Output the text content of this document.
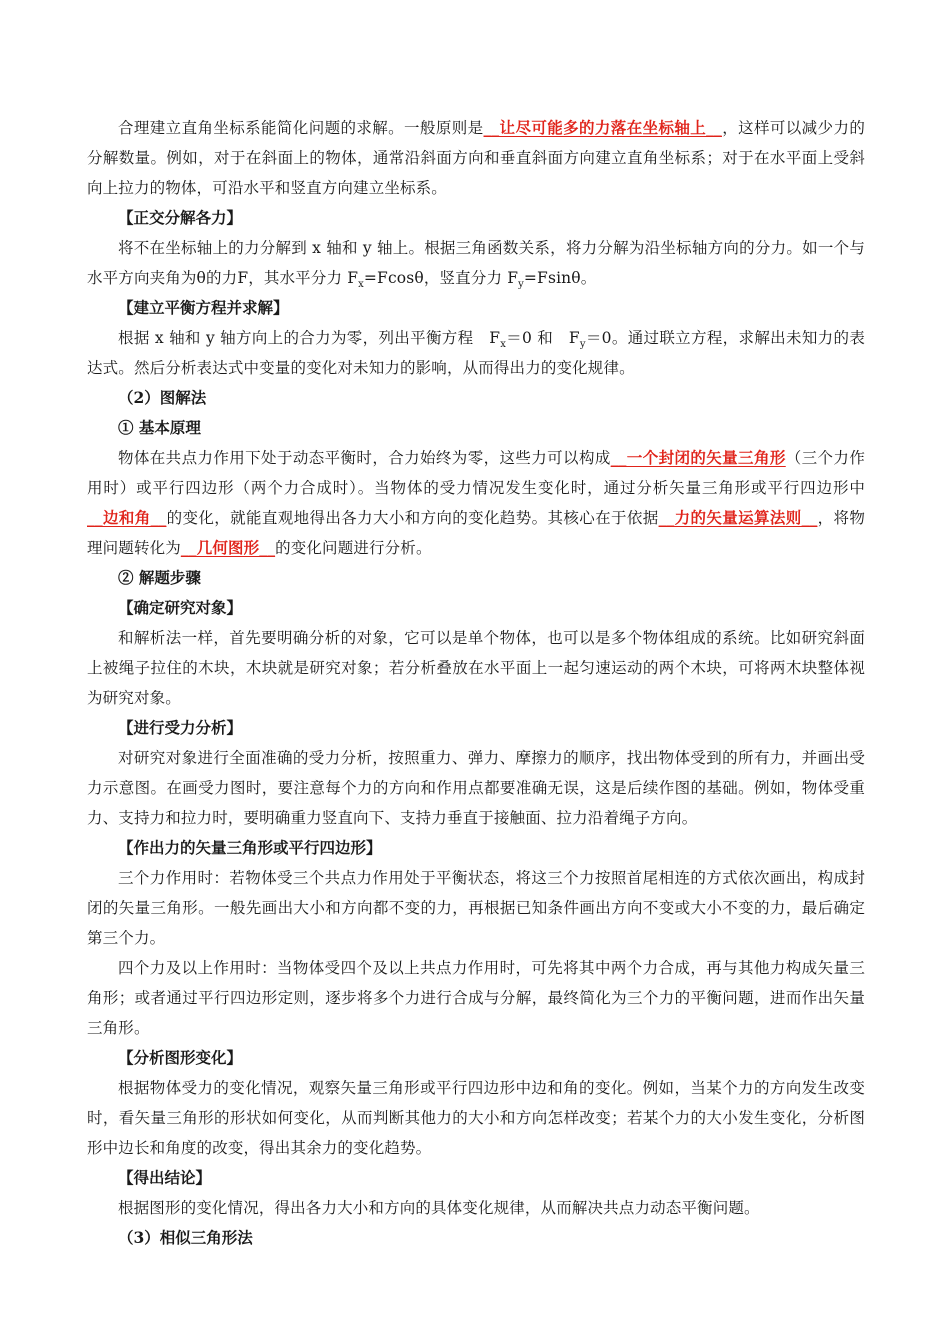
合理建立直角坐标系能简化问题的求解。一般原则是__让尽可能多的力落在坐标轴上__，这样可以减少力的分解数量。例如，对于在斜面上的物体，通常沿斜面方向和垂直斜面方向建立直角坐标系；对于在水平面上受斜向上拉力的物体，可沿水平和竖直方向建立坐标系。

【正交分解各力】

将不在坐标轴上的力分解到 x 轴和 y 轴上。根据三角函数关系，将力分解为沿坐标轴方向的分力。如一个与水平方向夹角为θ的力F，其水平分力 $F_x=Fcos\theta$，竖直分力 $F_y=Fsin\theta$。

【建立平衡方程并求解】

根据 x 轴和 y 轴方向上的合力为零，列出平衡方程　$F_x=0$ 和　$F_y=0$。通过联立方程，求解出未知力的表达式。然后分析表达式中变量的变化对未知力的影响，从而得出力的变化规律。

（2）图解法

① 基本原理

物体在共点力作用下处于动态平衡时，合力始终为零，这些力可以构成__一个封闭的矢量三角形（三个力作用时）或平行四边形（两个力合成时）。当物体的受力情况发生变化时，通过分析矢量三角形或平行四边形中__边和角__的变化，就能直观地得出各力大小和方向的变化趋势。其核心在于依据__力的矢量运算法则__，将物理问题转化为__几何图形__的变化问题进行分析。

② 解题步骤

【确定研究对象】

和解析法一样，首先要明确分析的对象，它可以是单个物体，也可以是多个物体组成的系统。比如研究斜面上被绳子拉住的木块，木块就是研究对象；若分析叠放在水平面上一起匀速运动的两个木块，可将两木块整体视为研究对象。

【进行受力分析】

对研究对象进行全面准确的受力分析，按照重力、弹力、摩擦力的顺序，找出物体受到的所有力，并画出受力示意图。在画受力图时，要注意每个力的方向和作用点都要准确无误，这是后续作图的基础。例如，物体受重力、支持力和拉力时，要明确重力竖直向下、支持力垂直于接触面、拉力沿着绳子方向。

【作出力的矢量三角形或平行四边形】

三个力作用时：若物体受三个共点力作用处于平衡状态，将这三个力按照首尾相连的方式依次画出，构成封闭的矢量三角形。一般先画出大小和方向都不变的力，再根据已知条件画出方向不变或大小不变的力，最后确定第三个力。

四个力及以上作用时：当物体受四个及以上共点力作用时，可先将其中两个力合成，再与其他力构成矢量三角形；或者通过平行四边形定则，逐步将多个力进行合成与分解，最终简化为三个力的平衡问题，进而作出矢量三角形。

【分析图形变化】

根据物体受力的变化情况，观察矢量三角形或平行四边形中边和角的变化。例如，当某个力的方向发生改变时，看矢量三角形的形状如何变化，从而判断其他力的大小和方向怎样改变；若某个力的大小发生变化，分析图形中边长和角度的改变，得出其余力的变化趋势。

【得出结论】

根据图形的变化情况，得出各力大小和方向的具体变化规律，从而解决共点力动态平衡问题。

（3）相似三角形法
